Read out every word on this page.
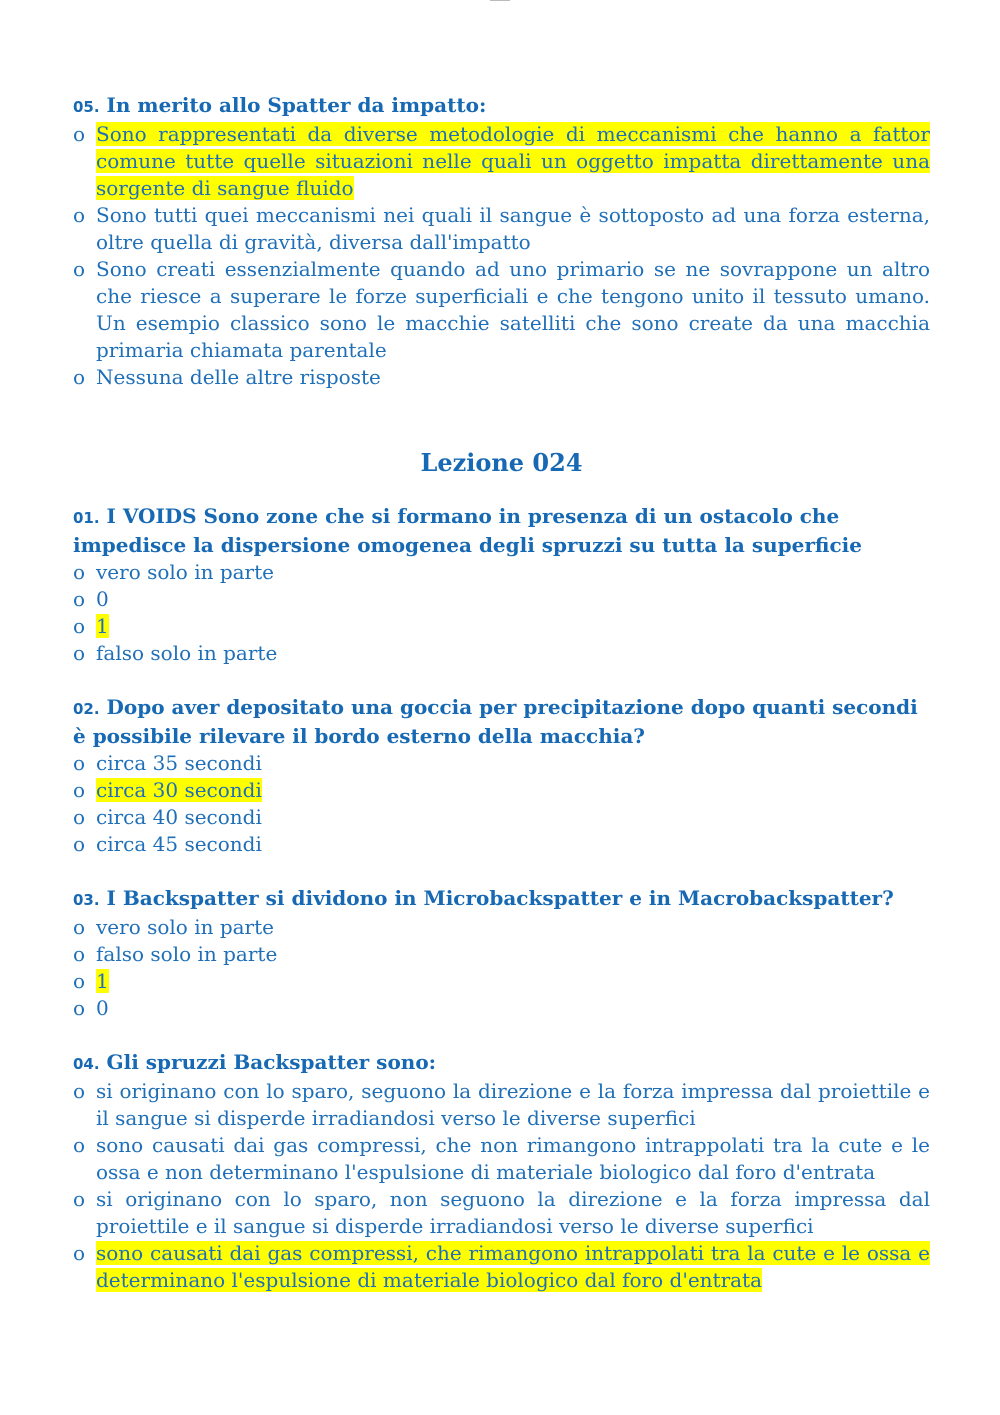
05. In merito allo Spatter da impatto:

o Sono rappresentati da diverse metodologie di meccanismi che hanno a fattor comune tutte quelle situazioni nelle quali un oggetto impatta direttamente una sorgente di sangue fluido
o Sono tutti quei meccanismi nei quali il sangue è sottoposto ad una forza esterna, oltre quella di gravità, diversa dall'impatto
o Sono creati essenzialmente quando ad uno primario se ne sovrappone un altro che riesce a superare le forze superficiali e che tengono unito il tessuto umano. Un esempio classico sono le macchie satelliti che sono create da una macchia primaria chiamata parentale
o Nessuna delle altre risposte
Lezione 024

01. I VOIDS Sono zone che si formano in presenza di un ostacolo che impedisce la dispersione omogenea degli spruzzi su tutta la superficie

o vero solo in parte
o 0
o 1
o falso solo in parte

02. Dopo aver depositato una goccia per precipitazione dopo quanti secondi è possibile rilevare il bordo esterno della macchia?

o circa 35 secondi
o circa 30 secondi
o circa 40 secondi
o circa 45 secondi

03. I Backspatter si dividono in Microbackspatter e in Macrobackspatter?

o vero solo in parte
o falso solo in parte
o 1
o 0

04. Gli spruzzi Backspatter sono:

o si originano con lo sparo, seguono la direzione e la forza impressa dal proiettile e il sangue si disperde irradiandosi verso le diverse superfici
o sono causati dai gas compressi, che non rimangono intrappolati tra la cute e le ossa e non determinano l'espulsione di materiale biologico dal foro d'entrata
o si originano con lo sparo, non seguono la direzione e la forza impressa dal proiettile e il sangue si disperde irradiandosi verso le diverse superfici
o sono causati dai gas compressi, che rimangono intrappolati tra la cute e le ossa e determinano l'espulsione di materiale biologico dal foro d'entrata
